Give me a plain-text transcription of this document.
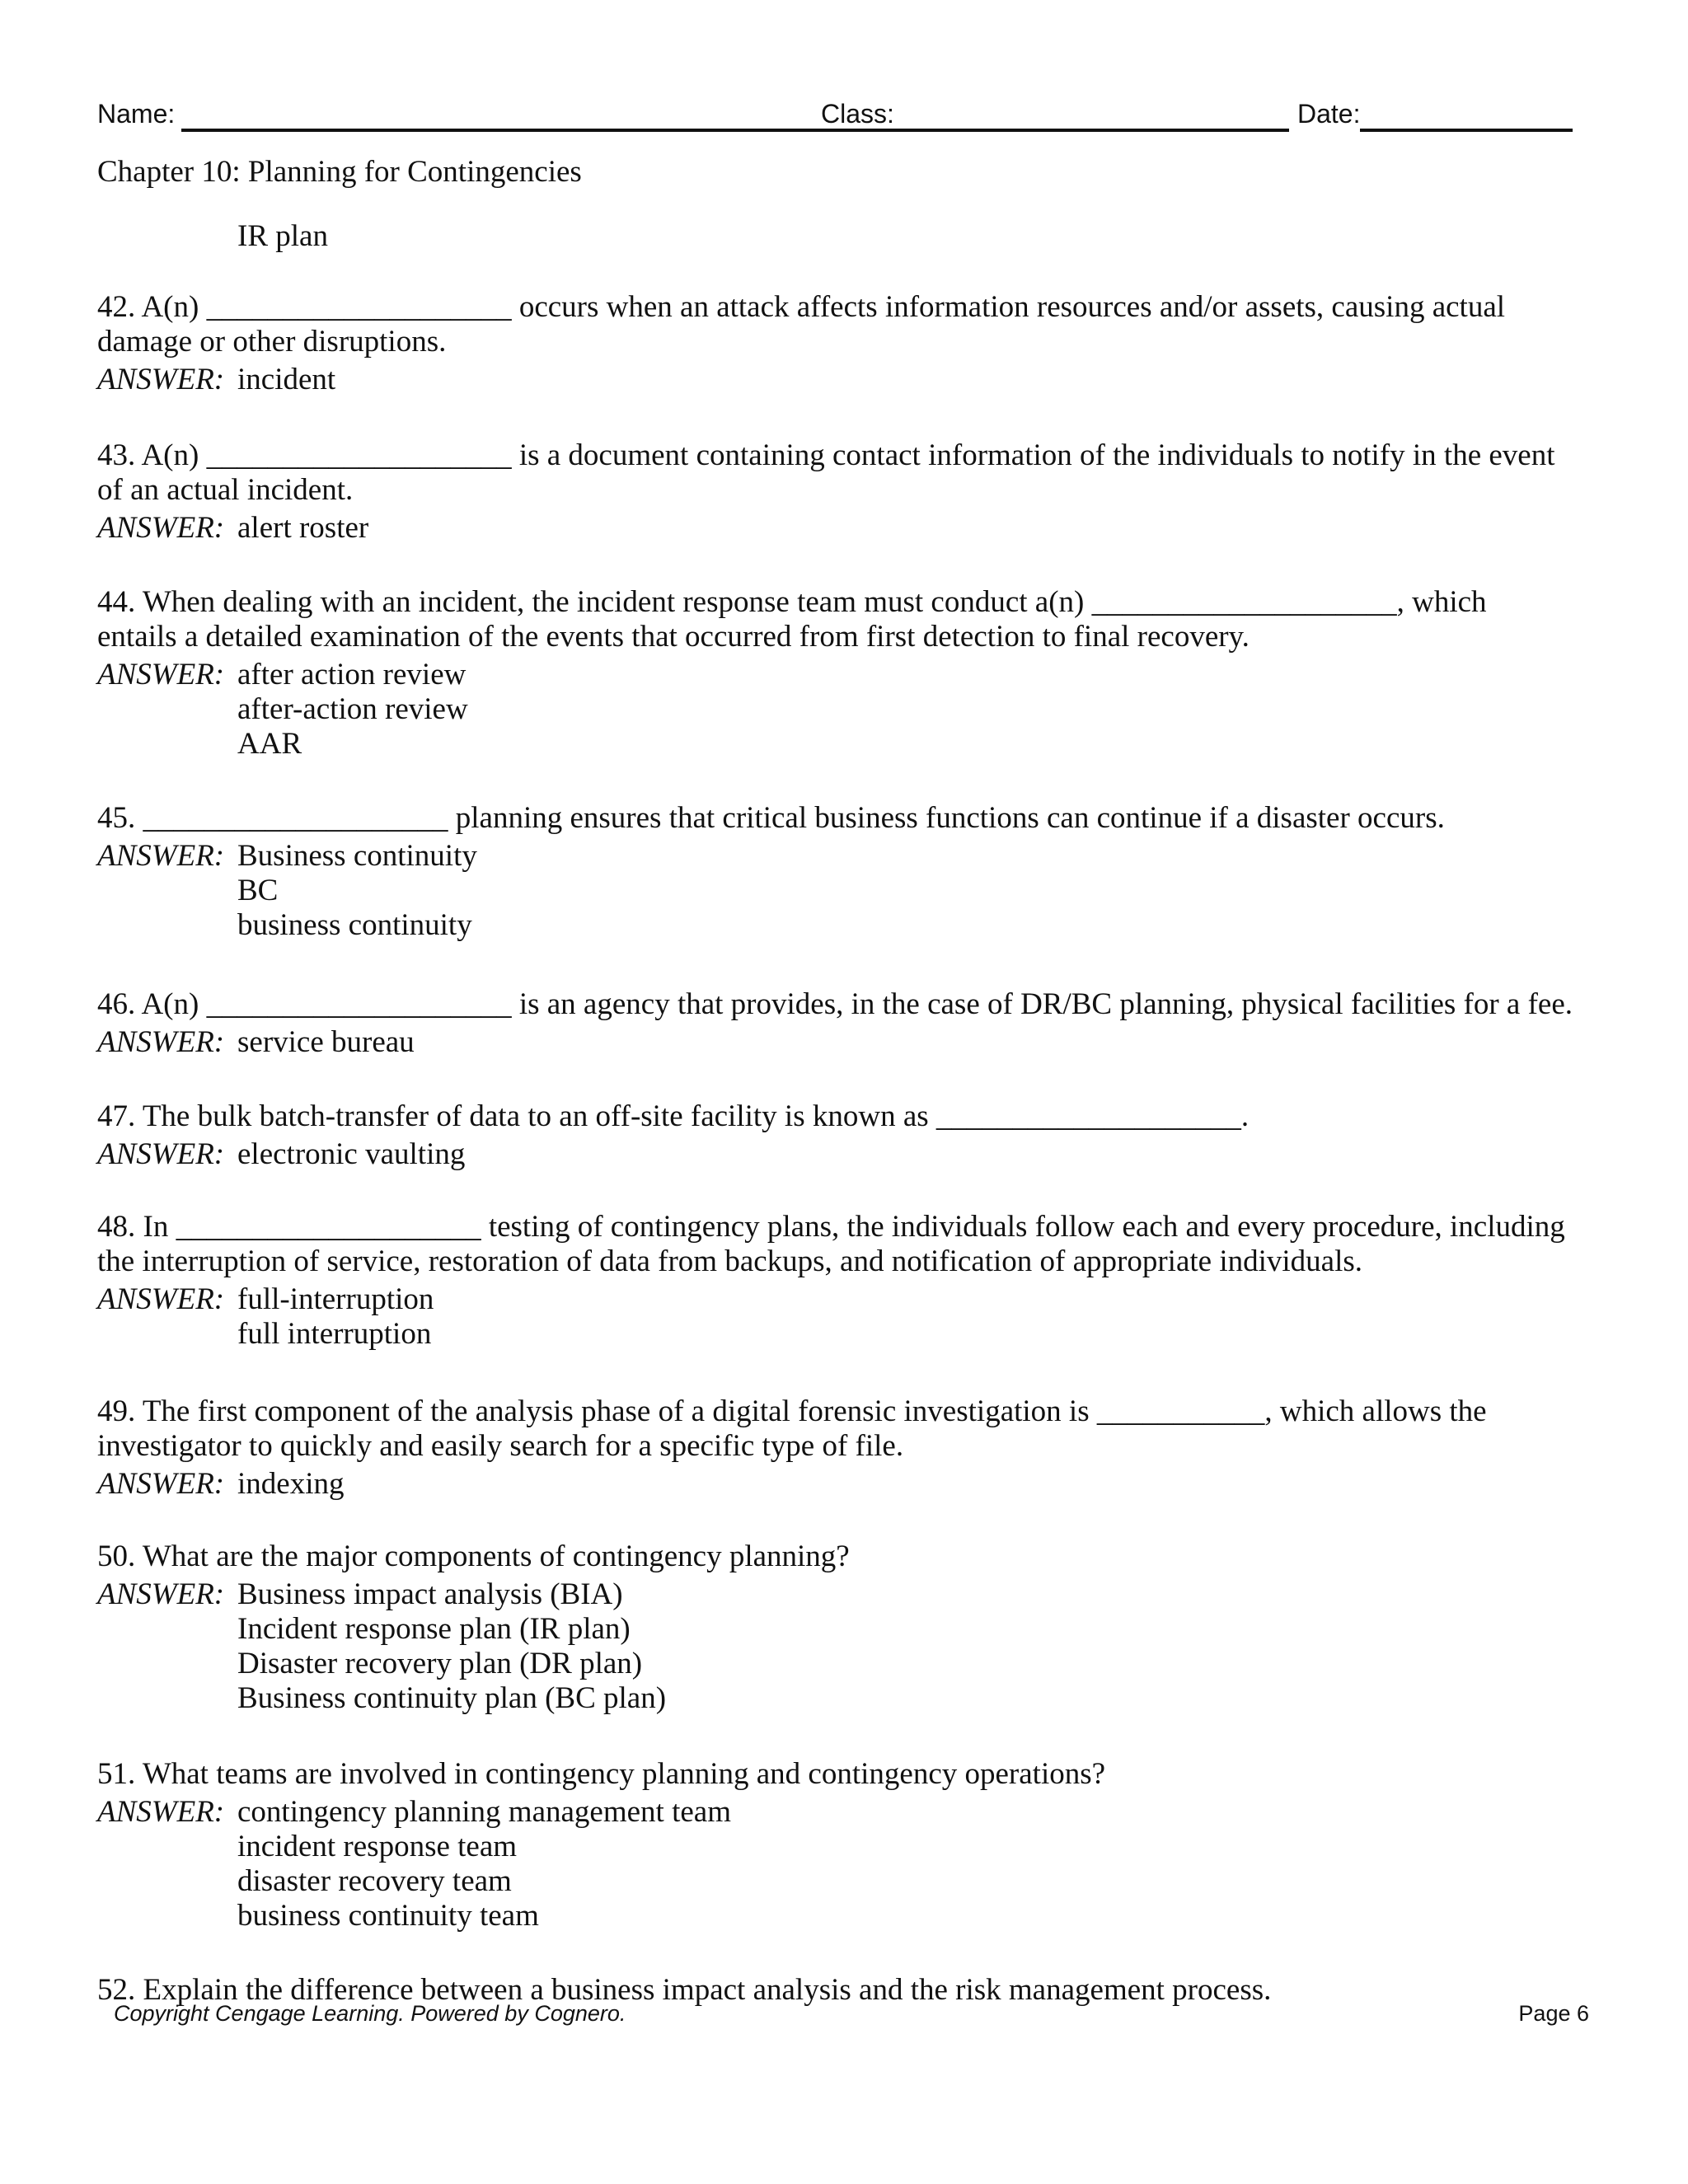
Name:	Class:	Date:
Chapter 10: Planning for Contingencies
IR plan
42. A(n) ____________________ occurs when an attack affects information resources and/or assets, causing actual damage or other disruptions.
ANSWER: incident
43. A(n) ____________________ is a document containing contact information of the individuals to notify in the event of an actual incident.
ANSWER: alert roster
44. When dealing with an incident, the incident response team must conduct a(n) ____________________, which entails a detailed examination of the events that occurred from first detection to final recovery.
ANSWER: after action review
after-action review
AAR
45. ____________________ planning ensures that critical business functions can continue if a disaster occurs.
ANSWER: Business continuity
BC
business continuity
46. A(n) ____________________ is an agency that provides, in the case of DR/BC planning, physical facilities for a fee.
ANSWER: service bureau
47. The bulk batch-transfer of data to an off-site facility is known as ____________________.
ANSWER: electronic vaulting
48. In ____________________ testing of contingency plans, the individuals follow each and every procedure, including the interruption of service, restoration of data from backups, and notification of appropriate individuals.
ANSWER: full-interruption
full interruption
49. The first component of the analysis phase of a digital forensic investigation is ___________, which allows the investigator to quickly and easily search for a specific type of file.
ANSWER: indexing
50. What are the major components of contingency planning?
ANSWER: Business impact analysis (BIA)
Incident response plan (IR plan)
Disaster recovery plan (DR plan)
Business continuity plan (BC plan)
51. What teams are involved in contingency planning and contingency operations?
ANSWER: contingency planning management team
incident response team
disaster recovery team
business continuity team
52. Explain the difference between a business impact analysis and the risk management process.
Copyright Cengage Learning. Powered by Cognero.	Page 6
